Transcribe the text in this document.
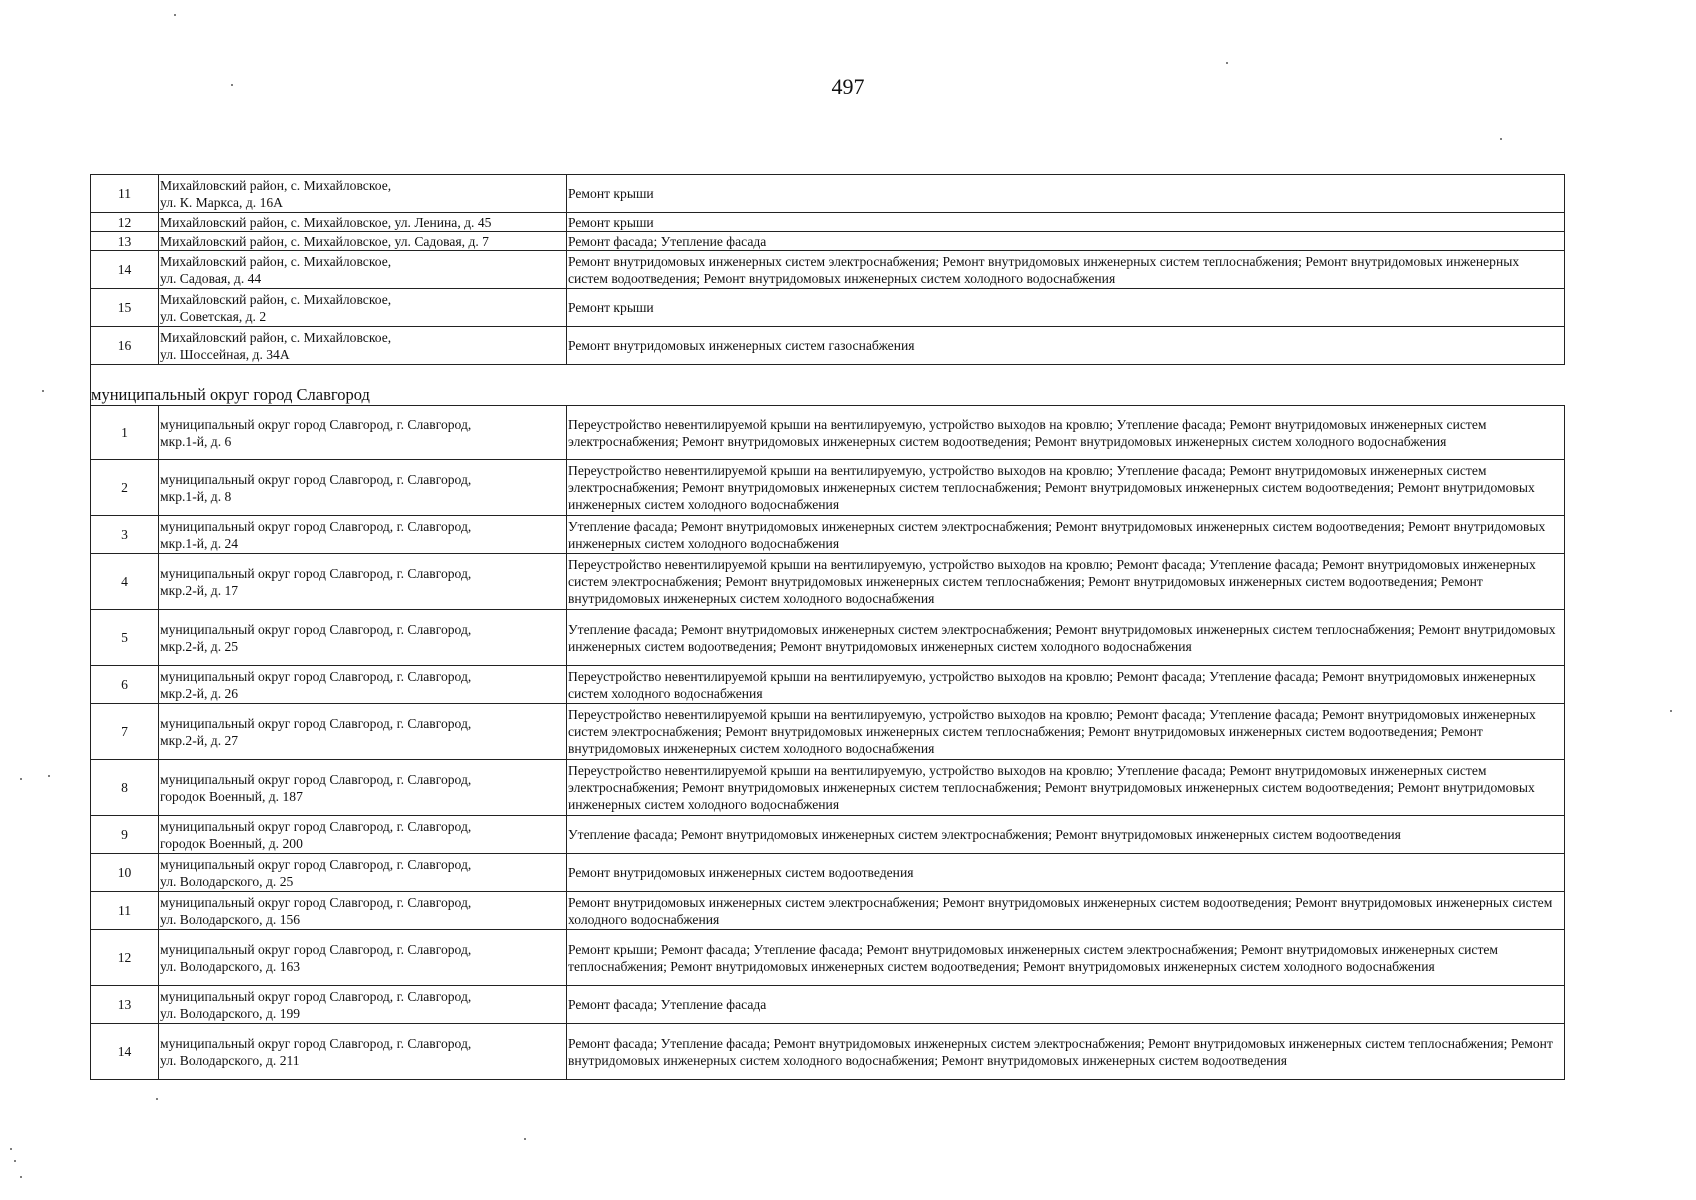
497
11	Михайловский район, с. Михайловское,
ул. К. Маркса, д. 16А	Ремонт крыши
12	Михайловский район, с. Михайловское, ул. Ленина, д. 45	Ремонт крыши
13	Михайловский район, с. Михайловское, ул. Садовая, д. 7	Ремонт фасада; Утепление фасада
14	Михайловский район, с. Михайловское,
ул. Садовая, д. 44	Ремонт внутридомовых инженерных систем электроснабжения; Ремонт внутридомовых инженерных систем теплоснабжения; Ремонт внутридомовых инженерных систем водоотведения; Ремонт внутридомовых инженерных систем холодного водоснабжения
15	Михайловский район, с. Михайловское,
ул. Советская, д. 2	Ремонт крыши
16	Михайловский район, с. Михайловское,
ул. Шоссейная, д. 34А	Ремонт внутридомовых инженерных систем газоснабжения
муниципальный округ город Славгород		
1	муниципальный округ город Славгород, г. Славгород,
мкр.1-й, д. 6	Переустройство невентилируемой крыши на вентилируемую, устройство выходов на кровлю; Утепление фасада; Ремонт внутридомовых инженерных систем электроснабжения; Ремонт внутридомовых инженерных систем водоотведения; Ремонт внутридомовых инженерных систем холодного водоснабжения
2	муниципальный округ город Славгород, г. Славгород,
мкр.1-й, д. 8	Переустройство невентилируемой крыши на вентилируемую, устройство выходов на кровлю; Утепление фасада; Ремонт внутридомовых инженерных систем электроснабжения; Ремонт внутридомовых инженерных систем теплоснабжения; Ремонт внутридомовых инженерных систем водоотведения; Ремонт внутридомовых инженерных систем холодного водоснабжения
3	муниципальный округ город Славгород, г. Славгород,
мкр.1-й, д. 24	Утепление фасада; Ремонт внутридомовых инженерных систем электроснабжения; Ремонт внутридомовых инженерных систем водоотведения; Ремонт внутридомовых инженерных систем холодного водоснабжения
4	муниципальный округ город Славгород, г. Славгород,
мкр.2-й, д. 17	Переустройство невентилируемой крыши на вентилируемую, устройство выходов на кровлю; Ремонт фасада; Утепление фасада; Ремонт внутридомовых инженерных систем электроснабжения; Ремонт внутридомовых инженерных систем теплоснабжения; Ремонт внутридомовых инженерных систем водоотведения; Ремонт внутридомовых инженерных систем холодного водоснабжения
5	муниципальный округ город Славгород, г. Славгород,
мкр.2-й, д. 25	Утепление фасада; Ремонт внутридомовых инженерных систем электроснабжения; Ремонт внутридомовых инженерных систем теплоснабжения; Ремонт внутридомовых инженерных систем водоотведения; Ремонт внутридомовых инженерных систем холодного водоснабжения
6	муниципальный округ город Славгород, г. Славгород,
мкр.2-й, д. 26	Переустройство невентилируемой крыши на вентилируемую, устройство выходов на кровлю; Ремонт фасада; Утепление фасада; Ремонт внутридомовых инженерных систем холодного водоснабжения
7	муниципальный округ город Славгород, г. Славгород,
мкр.2-й, д. 27	Переустройство невентилируемой крыши на вентилируемую, устройство выходов на кровлю; Ремонт фасада; Утепление фасада; Ремонт внутридомовых инженерных систем электроснабжения; Ремонт внутридомовых инженерных систем теплоснабжения; Ремонт внутридомовых инженерных систем водоотведения; Ремонт внутридомовых инженерных систем холодного водоснабжения
8	муниципальный округ город Славгород, г. Славгород,
городок Военный, д. 187	Переустройство невентилируемой крыши на вентилируемую, устройство выходов на кровлю; Утепление фасада; Ремонт внутридомовых инженерных систем электроснабжения; Ремонт внутридомовых инженерных систем теплоснабжения; Ремонт внутридомовых инженерных систем водоотведения; Ремонт внутридомовых инженерных систем холодного водоснабжения
9	муниципальный округ город Славгород, г. Славгород,
городок Военный, д. 200	Утепление фасада; Ремонт внутридомовых инженерных систем электроснабжения; Ремонт внутридомовых инженерных систем водоотведения
10	муниципальный округ город Славгород, г. Славгород,
ул. Володарского, д. 25	Ремонт внутридомовых инженерных систем водоотведения
11	муниципальный округ город Славгород, г. Славгород,
ул. Володарского, д. 156	Ремонт внутридомовых инженерных систем электроснабжения; Ремонт внутридомовых инженерных систем водоотведения; Ремонт внутридомовых инженерных систем холодного водоснабжения
12	муниципальный округ город Славгород, г. Славгород,
ул. Володарского, д. 163	Ремонт крыши; Ремонт фасада; Утепление фасада; Ремонт внутридомовых инженерных систем электроснабжения; Ремонт внутридомовых инженерных систем теплоснабжения; Ремонт внутридомовых инженерных систем водоотведения; Ремонт внутридомовых инженерных систем холодного водоснабжения
13	муниципальный округ город Славгород, г. Славгород,
ул. Володарского, д. 199	Ремонт фасада; Утепление фасада
14	муниципальный округ город Славгород, г. Славгород,
ул. Володарского, д. 211	Ремонт фасада; Утепление фасада; Ремонт внутридомовых инженерных систем электроснабжения; Ремонт внутридомовых инженерных систем теплоснабжения; Ремонт внутридомовых инженерных систем холодного водоснабжения; Ремонт внутридомовых инженерных систем водоотведения
